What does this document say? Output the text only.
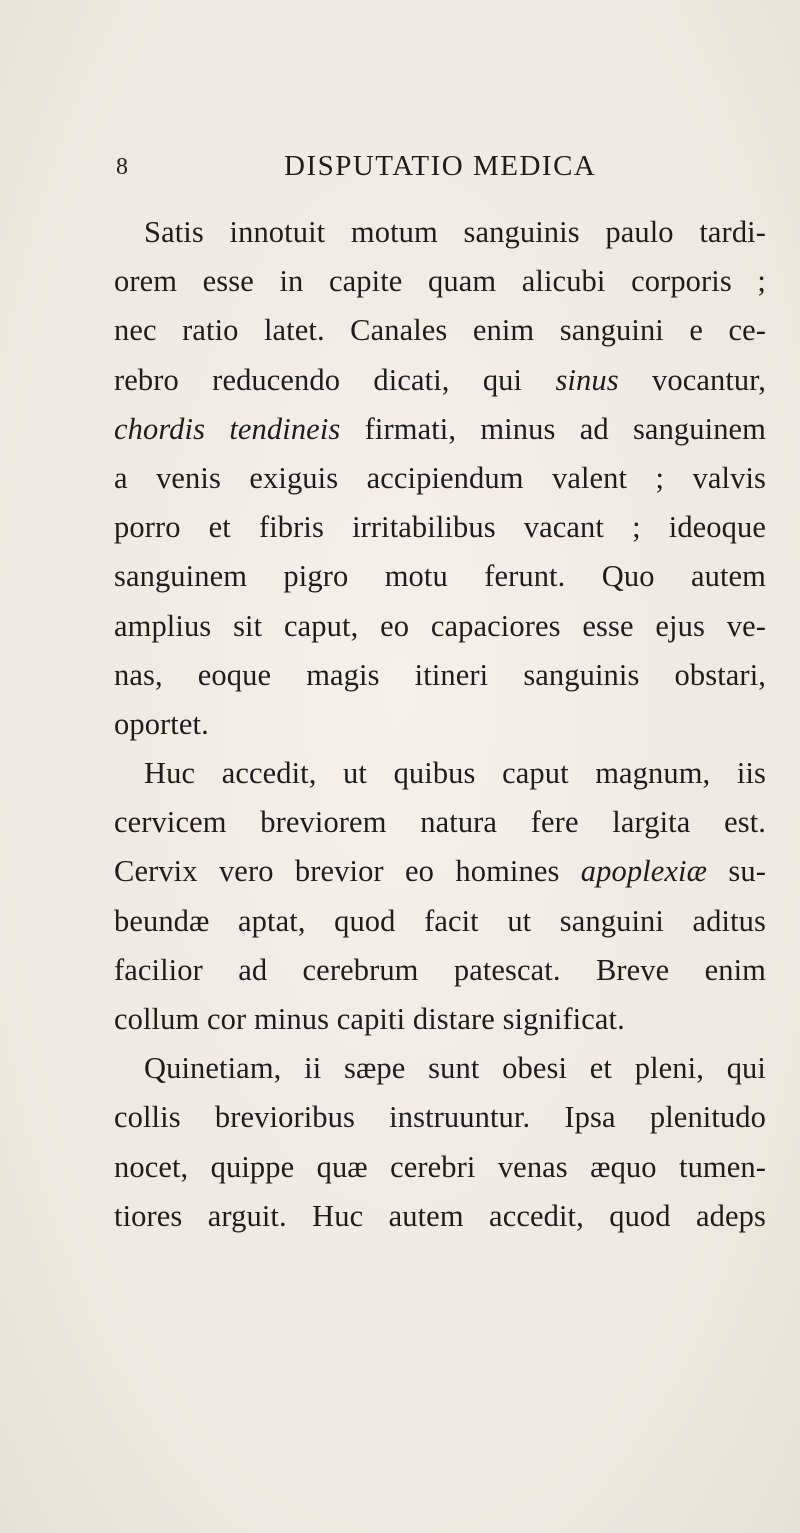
8	DISPUTATIO MEDICA
Satis innotuit motum sanguinis paulo tardi-
orem esse in capite quam alicubi corporis ;
nec ratio latet. Canales enim sanguini e ce-
rebro reducendo dicati, qui sinus vocantur,
chordis tendineis firmati, minus ad sanguinem
a venis exiguis accipiendum valent ; valvis
porro et fibris irritabilibus vacant ; ideoque
sanguinem pigro motu ferunt. Quo autem
amplius sit caput, eo capaciores esse ejus ve-
nas, eoque magis itineri sanguinis obstari,
oportet.
Huc accedit, ut quibus caput magnum, iis
cervicem breviorem natura fere largita est.
Cervix vero brevior eo homines apoplexiæ su-
beundæ aptat, quod facit ut sanguini aditus
facilior ad cerebrum patescat. Breve enim
collum cor minus capiti distare significat.
Quinetiam, ii sæpe sunt obesi et pleni, qui
collis brevioribus instruuntur. Ipsa plenitudo
nocet, quippe quæ cerebri venas æquo tumen-
tiores arguit. Huc autem accedit, quod adeps
